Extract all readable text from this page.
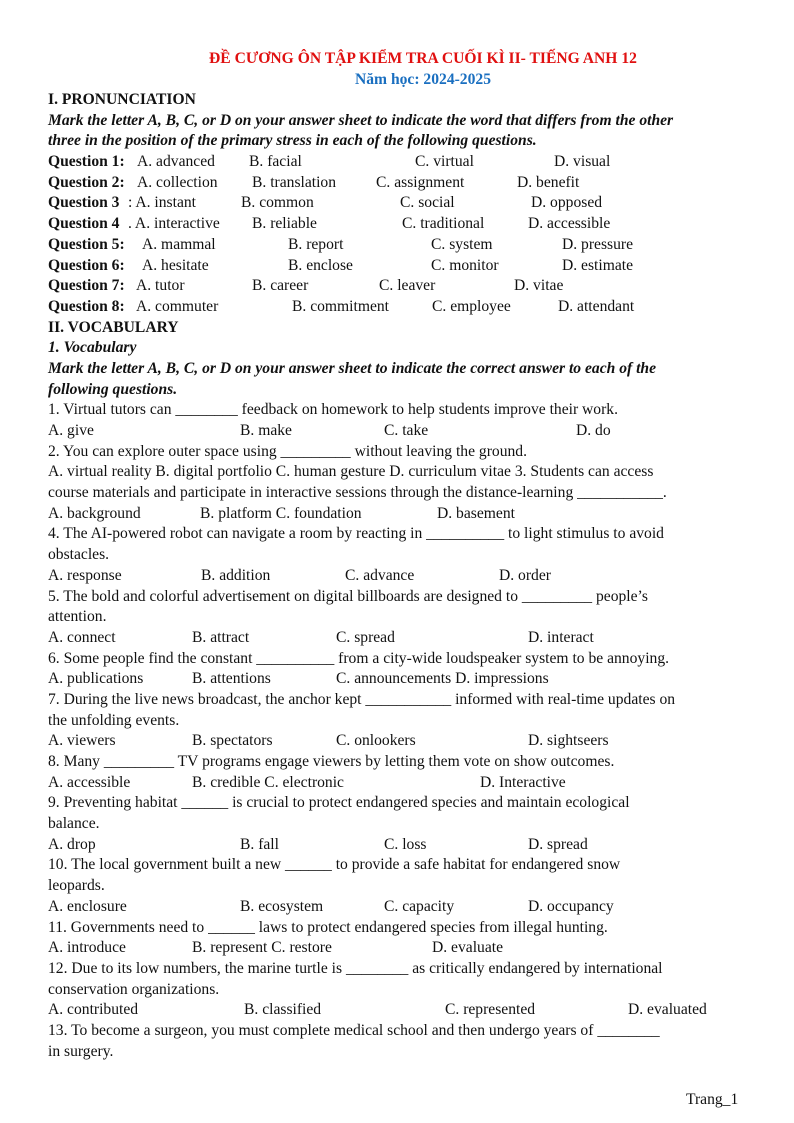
ĐỀ CƯƠNG ÔN TẬP KIỂM TRA CUỐI KÌ II- TIẾNG ANH 12
Năm học: 2024-2025
I. PRONUNCIATION
Mark the letter A, B, C, or D on your answer sheet to indicate the word that differs from the other
three in the position of the primary stress in each of the following questions.
Question 1: A. advanced B. facial	C. virtual	D. visual
Question 2: A. collection B. translation	C. assignment	D. benefit
Question 3 : A. instant	B. common	C. social	D. opposed
Question 4 . A. interactive B. reliable	C. traditional	D. accessible
Question 5: A. mammal	B. report	C. system	D. pressure
Question 6: A. hesitate	B. enclose	C. monitor	D. estimate
Question 7: A. tutor	B. career	C. leaver	D. vitae
Question 8: A. commuter	B. commitment	C. employee	D. attendant
II. VOCABULARY
1. Vocabulary
Mark the letter A, B, C, or D on your answer sheet to indicate the correct answer to each of the
following questions.
1. Virtual tutors can ________ feedback on homework to help students improve their work.
A. give	B. make	C. take	D. do
2. You can explore outer space using _________ without leaving the ground.
A. virtual reality B. digital portfolio C. human gesture D. curriculum vitae 3. Students can access
course materials and participate in interactive sessions through the distance-learning ___________.
A. background	B. platform C. foundation	D. basement
4. The AI-powered robot can navigate a room by reacting in __________ to light stimulus to avoid
obstacles.
A. response	B. addition	C. advance	D. order
5. The bold and colorful advertisement on digital billboards are designed to _________ people’s
attention.
A. connect	B. attract	C. spread	D. interact
6. Some people find the constant __________ from a city-wide loudspeaker system to be annoying.
A. publications	B. attentions	C. announcements D. impressions
7. During the live news broadcast, the anchor kept ___________ informed with real-time updates on
the unfolding events.
A. viewers	B. spectators	C. onlookers	D. sightseers
8. Many _________ TV programs engage viewers by letting them vote on show outcomes.
A. accessible	B. credible C. electronic	D. Interactive
9. Preventing habitat ______ is crucial to protect endangered species and maintain ecological
balance.
A. drop	B. fall	C. loss	D. spread
10. The local government built a new ______ to provide a safe habitat for endangered snow
leopards.
A. enclosure	B. ecosystem	C. capacity	D. occupancy
11. Governments need to ______ laws to protect endangered species from illegal hunting.
A. introduce	B. represent C. restore	D. evaluate
12. Due to its low numbers, the marine turtle is ________ as critically endangered by international
conservation organizations.
A. contributed	B. classified	C. represented	D. evaluated
13. To become a surgeon, you must complete medical school and then undergo years of ________
in surgery.
Trang_1
